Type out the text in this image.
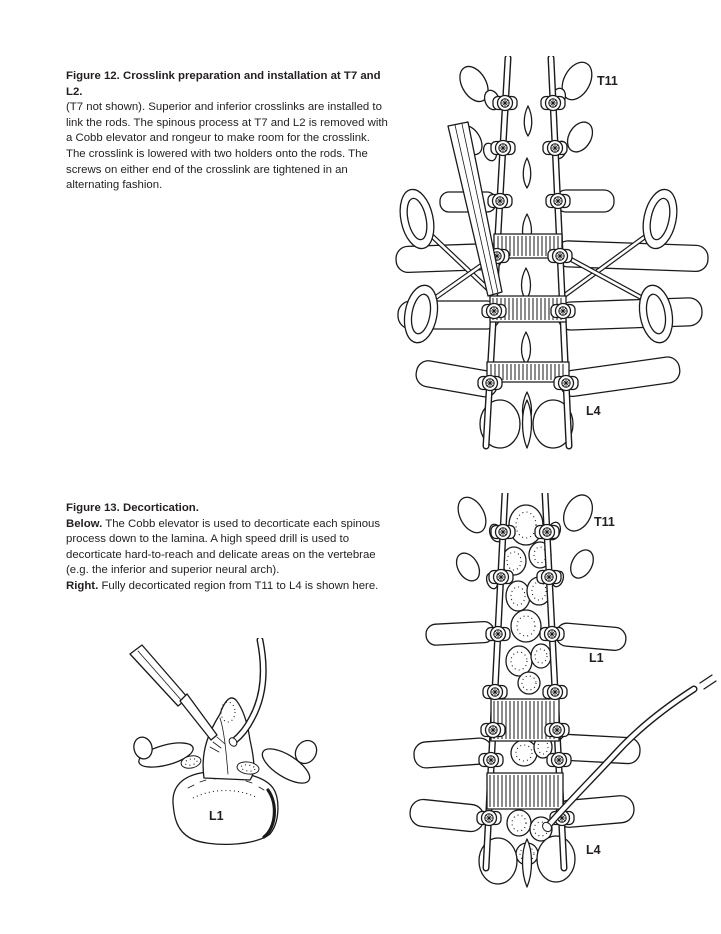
Figure 12. Crosslink preparation and installation at T7 and L2.
(T7 not shown). Superior and inferior crosslinks are installed to link the rods. The spinous process at T7 and L2 is removed with a Cobb elevator and rongeur to make room for the crosslink. The crosslink is lowered with two holders onto the rods. The screws on either end of the crosslink are tightened in an alternating fashion.
T11
L4
Figure 13. Decortication.
Below. The Cobb elevator is used to decorticate each spinous process down to the lamina. A high speed drill is used to decorticate hard-to-reach and delicate areas on the vertebrae (e.g. the inferior and superior neural arch).
Right. Fully decorticated region from T11 to L4 is shown here.
L1
T11
L1
L4
